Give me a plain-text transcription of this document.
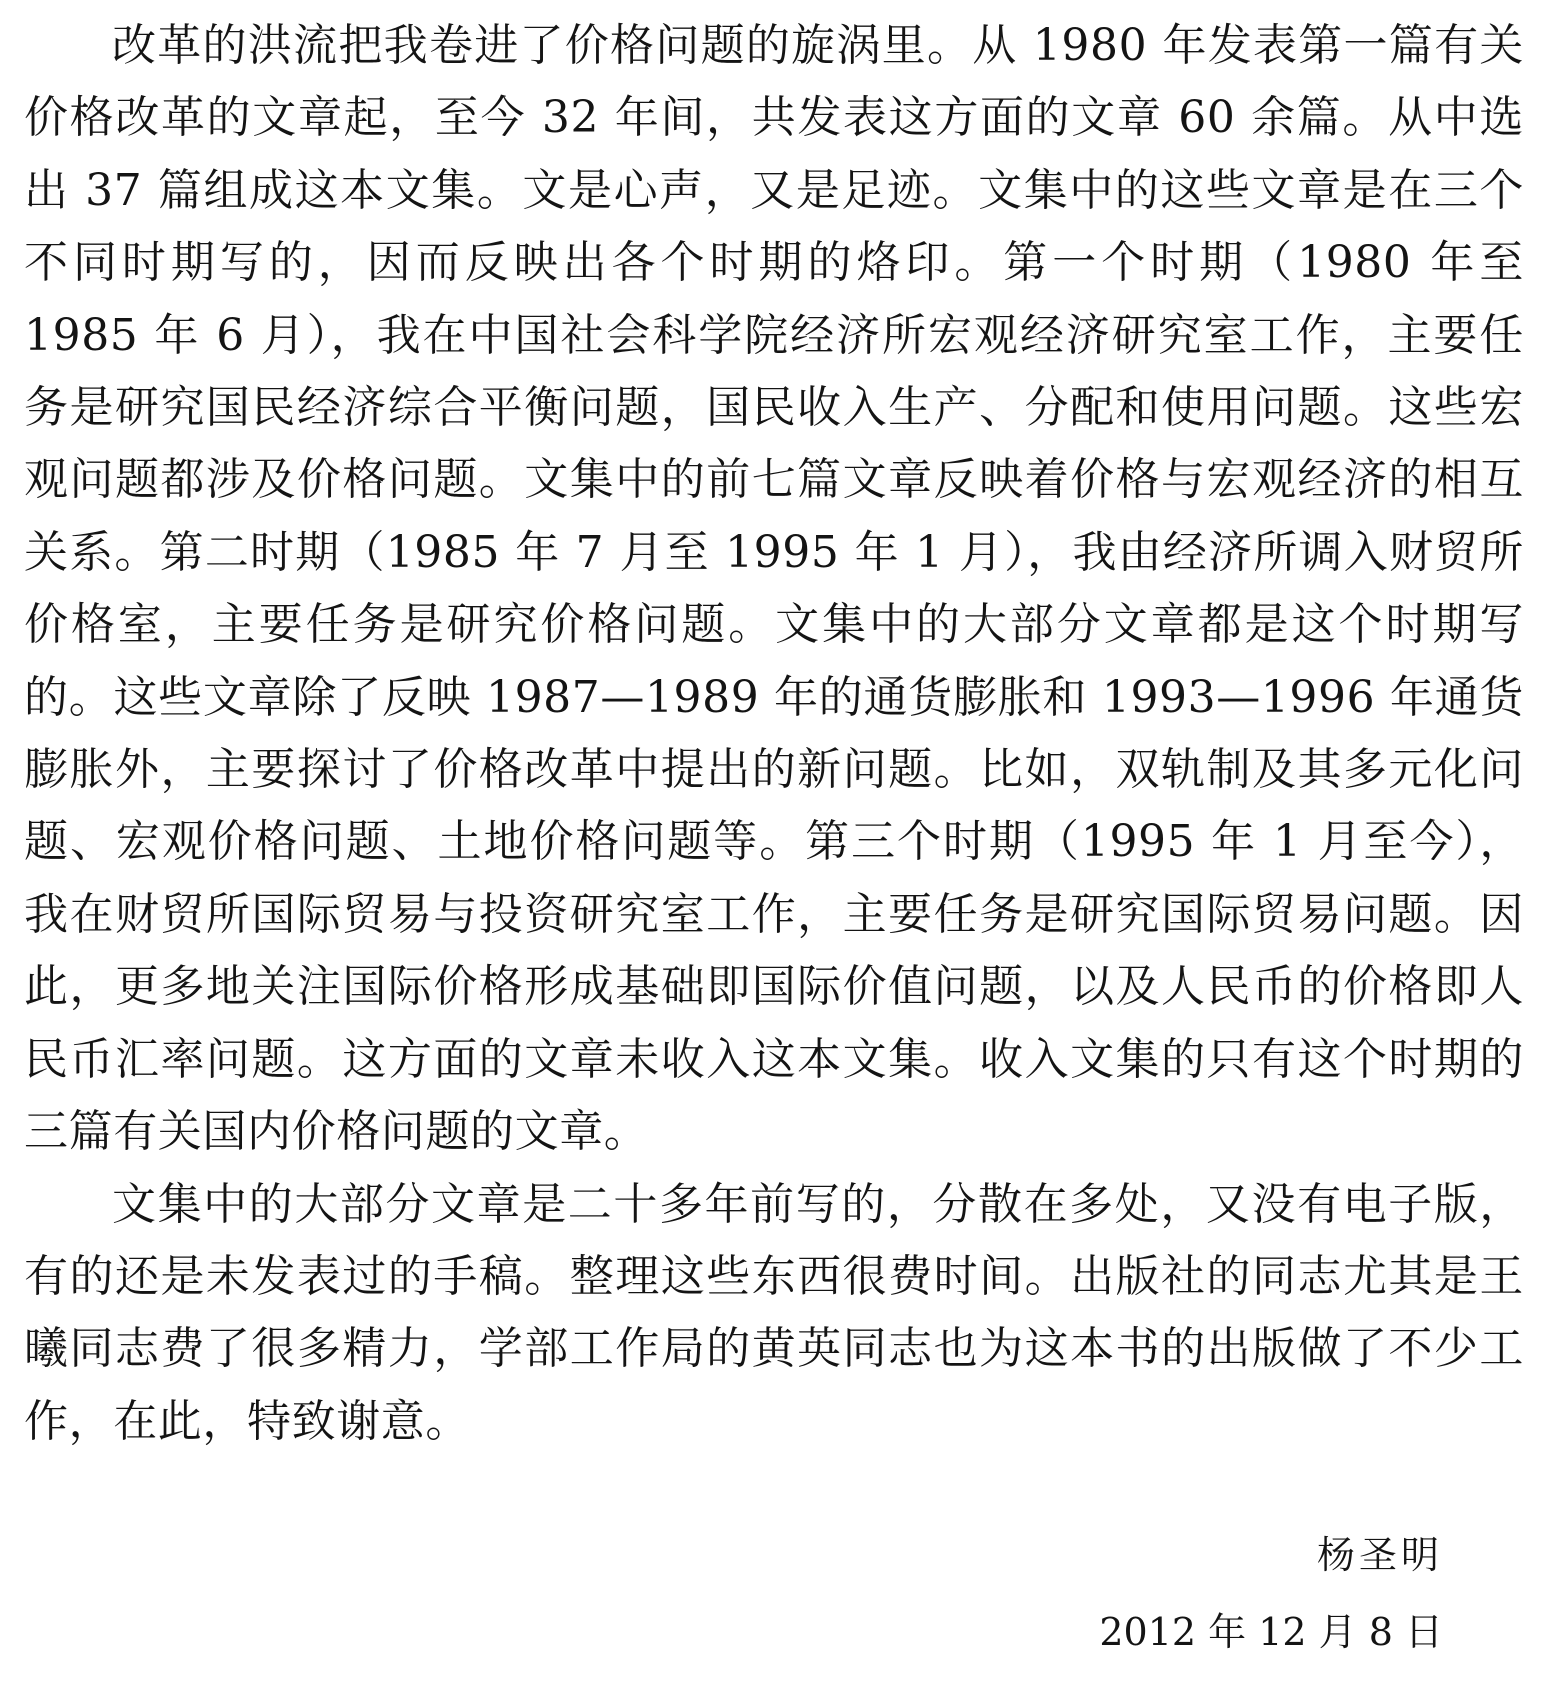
改革的洪流把我卷进了价格问题的旋涡里。从 1980 年发表第一篇有关价格改革的文章起，至今 32 年间，共发表这方面的文章 60 余篇。从中选出 37 篇组成这本文集。文是心声，又是足迹。文集中的这些文章是在三个不同时期写的，因而反映出各个时期的烙印。第一个时期（1980 年至 1985 年 6 月），我在中国社会科学院经济所宏观经济研究室工作，主要任务是研究国民经济综合平衡问题，国民收入生产、分配和使用问题。这些宏观问题都涉及价格问题。文集中的前七篇文章反映着价格与宏观经济的相互关系。第二时期（1985 年 7 月至 1995 年 1 月），我由经济所调入财贸所价格室，主要任务是研究价格问题。文集中的大部分文章都是这个时期写的。这些文章除了反映 1987—1989 年的通货膨胀和 1993—1996 年通货膨胀外，主要探讨了价格改革中提出的新问题。比如，双轨制及其多元化问题、宏观价格问题、土地价格问题等。第三个时期（1995 年 1 月至今），我在财贸所国际贸易与投资研究室工作，主要任务是研究国际贸易问题。因此，更多地关注国际价格形成基础即国际价值问题，以及人民币的价格即人民币汇率问题。这方面的文章未收入这本文集。收入文集的只有这个时期的三篇有关国内价格问题的文章。

文集中的大部分文章是二十多年前写的，分散在多处，又没有电子版，有的还是未发表过的手稿。整理这些东西很费时间。出版社的同志尤其是王曦同志费了很多精力，学部工作局的黄英同志也为这本书的出版做了不少工作，在此，特致谢意。

杨圣明
2012 年 12 月 8 日
